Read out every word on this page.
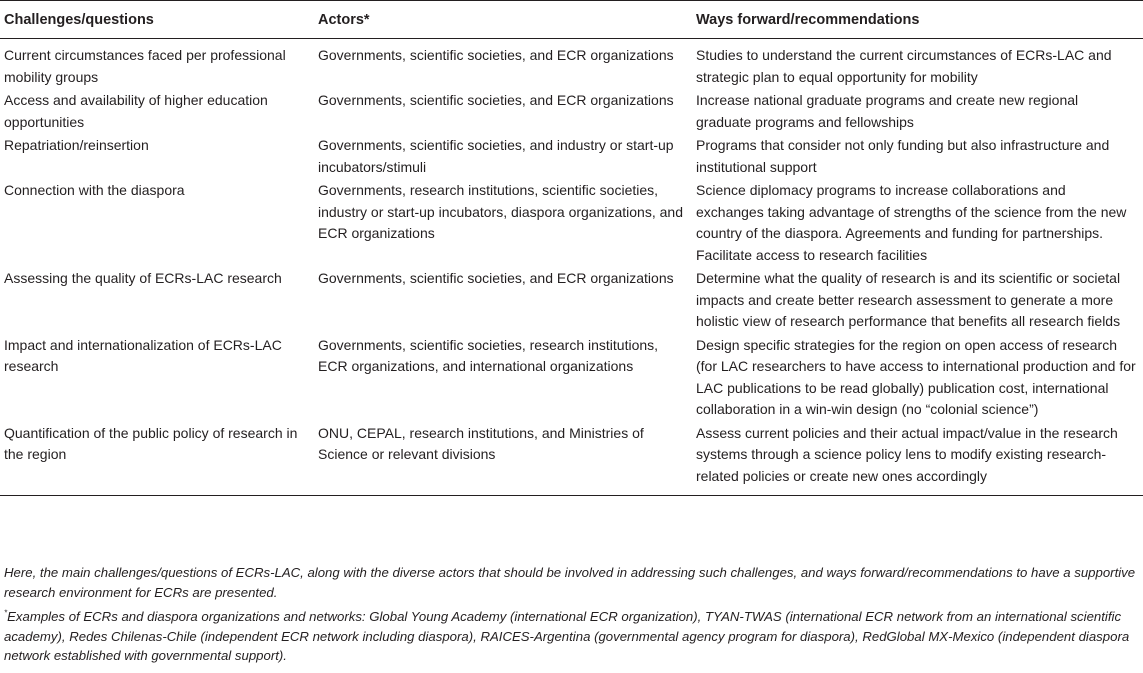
Challenges/questions	Actors*	Ways forward/recommendations
Current circumstances faced per professional mobility groups	Governments, scientific societies, and ECR organizations	Studies to understand the current circumstances of ECRs-LAC and strategic plan to equal opportunity for mobility
Access and availability of higher education opportunities	Governments, scientific societies, and ECR organizations	Increase national graduate programs and create new regional graduate programs and fellowships
Repatriation/reinsertion	Governments, scientific societies, and industry or start-up incubators/stimuli	Programs that consider not only funding but also infrastructure and institutional support
Connection with the diaspora	Governments, research institutions, scientific societies, industry or start-up incubators, diaspora organizations, and ECR organizations	Science diplomacy programs to increase collaborations and exchanges taking advantage of strengths of the science from the new country of the diaspora. Agreements and funding for partnerships. Facilitate access to research facilities
Assessing the quality of ECRs-LAC research	Governments, scientific societies, and ECR organizations	Determine what the quality of research is and its scientific or societal impacts and create better research assessment to generate a more holistic view of research performance that benefits all research fields
Impact and internationalization of ECRs-LAC research	Governments, scientific societies, research institutions, ECR organizations, and international organizations	Design specific strategies for the region on open access of research (for LAC researchers to have access to international production and for LAC publications to be read globally) publication cost, international collaboration in a win-win design (no “colonial science”)
Quantification of the public policy of research in the region	ONU, CEPAL, research institutions, and Ministries of Science or relevant divisions	Assess current policies and their actual impact/value in the research systems through a science policy lens to modify existing research-related policies or create new ones accordingly

Here, the main challenges/questions of ECRs-LAC, along with the diverse actors that should be involved in addressing such challenges, and ways forward/recommendations to have a supportive research environment for ECRs are presented.

*Examples of ECRs and diaspora organizations and networks: Global Young Academy (international ECR organization), TYAN-TWAS (international ECR network from an international scientific academy), Redes Chilenas-Chile (independent ECR network including diaspora), RAICES-Argentina (governmental agency program for diaspora), RedGlobal MX-Mexico (independent diaspora network established with governmental support).
